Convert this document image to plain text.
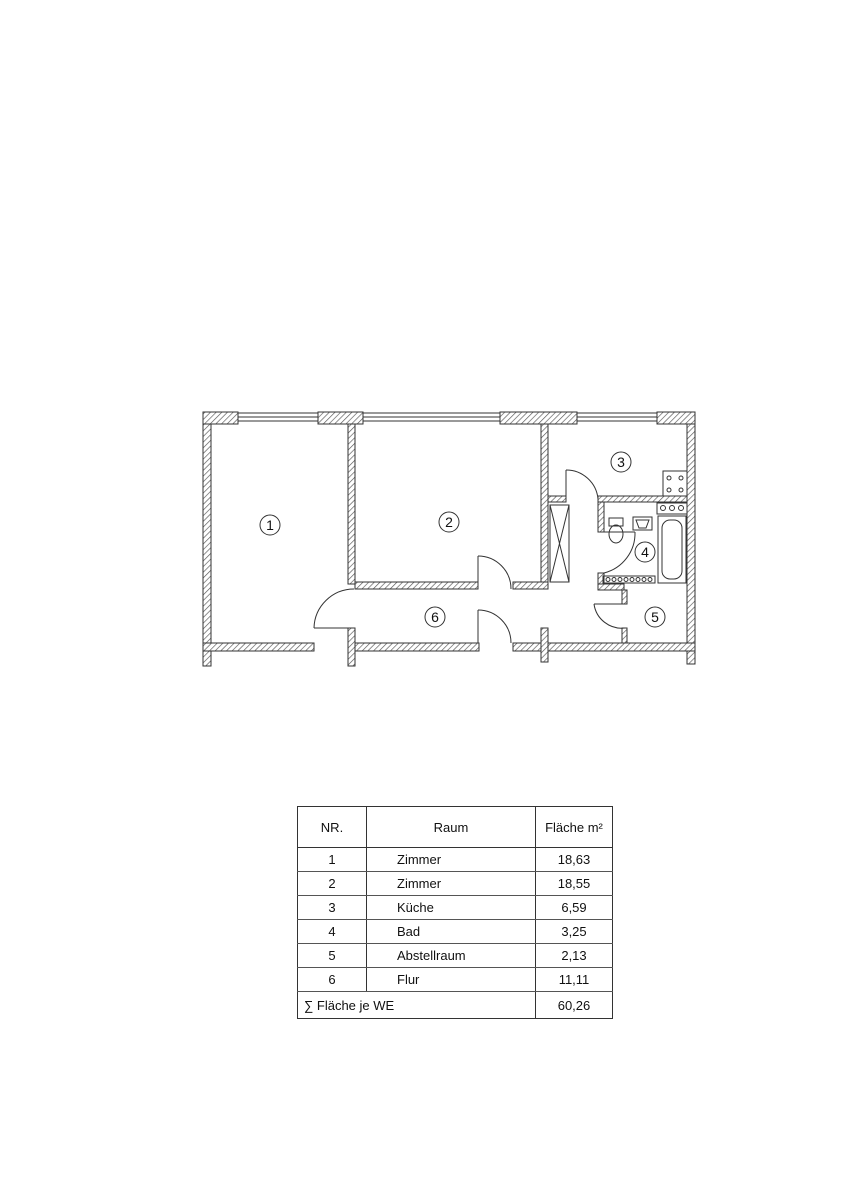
1	2
3
4
5
6
NR.	Raum	Fläche m²
1	Zimmer	18,63
2	Zimmer	18,55
3	Küche	6,59
4	Bad	3,25
5	Abstellraum	2,13
6	Flur	11,11
∑ Fläche je WE		60,26
